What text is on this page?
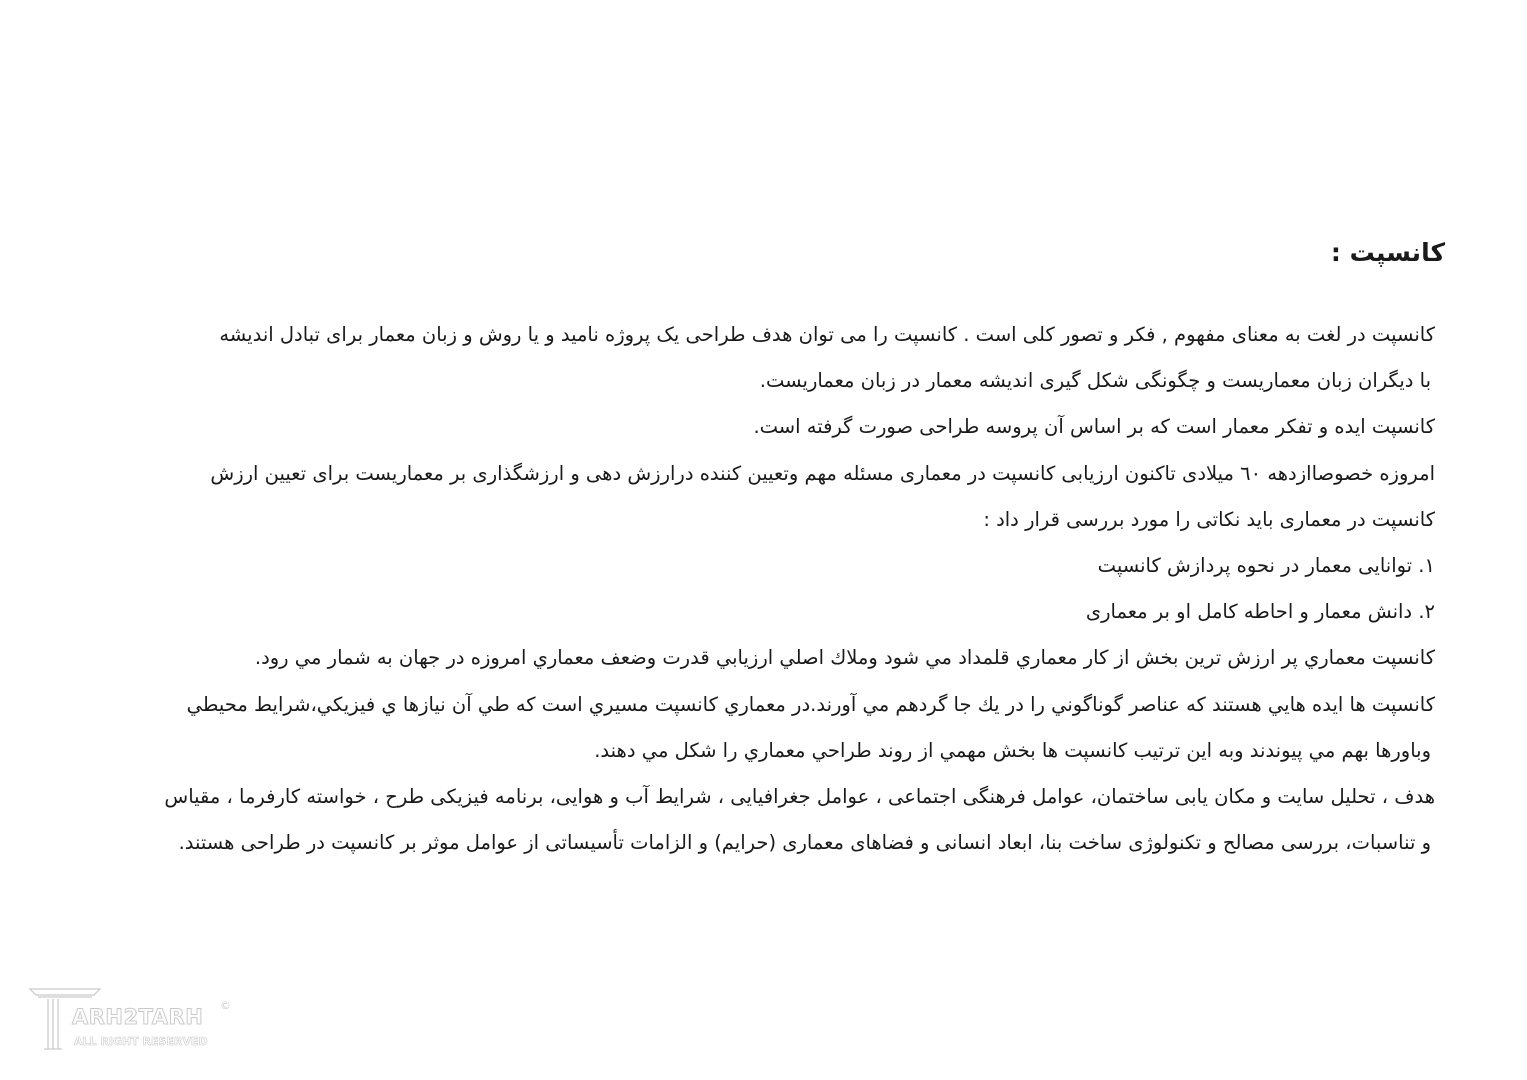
کانسپت :
کانسپت در لغت به معنای مفهوم , فکر و تصور کلی است . کانسپت را می توان هدف طراحی یک پروژه نامید و یا روش و زبان معمار برای تبادل اندیشه
با دیگران زبان معماریست و چگونگی شکل گیری اندیشه معمار در زبان معماریست.
کانسپت ایده و تفکر معمار است که بر اساس آن پروسه طراحی صورت گرفته است.
امروزه خصوصاازدهه ٦٠ میلادی تاکنون ارزیابی کانسپت در معماری مسئله مهم وتعیین کننده درارزش دهی و ارزشگذاری بر معماریست برای تعیین ارزش
کانسپت در معماری باید نکاتی را مورد بررسی قرار داد :
۱. توانایی معمار در نحوه پردازش کانسپت
۲. دانش معمار و احاطه کامل او بر معماری
كانسپت معماري پر ارزش ترين بخش از كار معماري قلمداد مي شود وملاك اصلي ارزيابي قدرت وضعف معماري امروزه در جهان به شمار مي رود.
كانسپت ها ايده هايي هستند كه عناصر گوناگوني را در يك جا گردهم مي آورند.در معماري كانسپت مسيري است كه طي آن نيازها ي فيزيكي،شرايط محيطي
وباورها بهم مي پيوندند وبه اين ترتيب كانسپت ها بخش مهمي از روند طراحي معماري را شكل مي دهند.
هدف ، تحلیل سایت و مکان یابی ساختمان، عوامل فرهنگی اجتماعی ، عوامل جغرافیایی ، شرایط آب و هوایی، برنامه فیزیکی طرح ، خواسته کارفرما ، مقیاس
و تناسبات، بررسی مصالح و تکنولوژی ساخت بنا، ابعاد انسانی و فضاهای معماری (حرایم) و الزامات تأسیساتی از عوامل موثر بر کانسپت در طراحی هستند.
ARH2TARH
ALL RIGHT RESERVED
©
